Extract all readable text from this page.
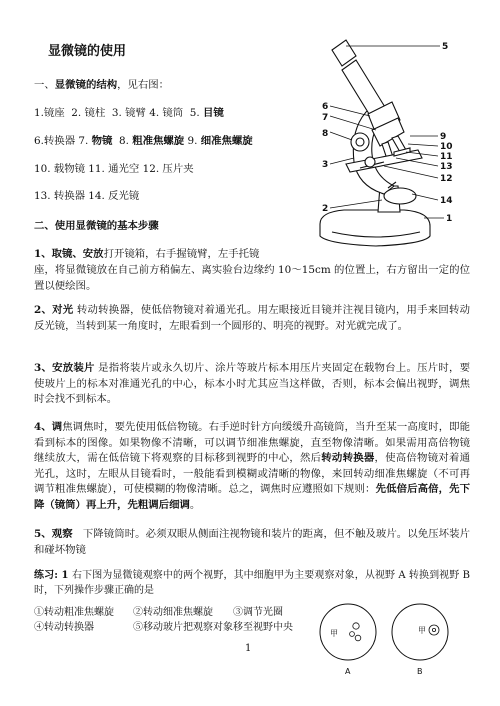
显微镜的使用
一、显微镜的结构，见右图：
1.镜座  2. 镜柱  3. 镜臂 4. 镜筒  5. 目镜
6.转换器 7. 物镜  8. 粗准焦螺旋 9. 细准焦螺旋
10. 载物镜 11. 通光空 12. 压片夹
13. 转换器 14. 反光镜
二、使用显微镜的基本步骤
1、取镜、安放打开镜箱，右手握镜臂，左手托镜
座，将显微镜放在自己前方稍偏左、离实验台边缘约 10～15cm 的位置上，右方留出一定的位置以便绘图。
2、对光 转动转换器，使低倍物镜对着通光孔。用左眼接近目镜并注视目镜内，用手来回转动反光镜，当转到某一角度时，左眼看到一个圆形的、明亮的视野。对光就完成了。
3、安放装片 是指将装片或永久切片、涂片等玻片标本用压片夹固定在载物台上。压片时，要使玻片上的标本对准通光孔的中心，标本小时尤其应当这样做，否则，标本会偏出视野，调焦时会找不到标本。
4、调焦调焦时，要先使用低倍物镜。右手逆时针方向缓缓升高镜筒，当升至某一高度时，即能看到标本的图像。如果物像不清晰，可以调节细准焦螺旋，直至物像清晰。如果需用高倍物镜继续放大，需在低倍镜下将观察的目标移到视野的中心，然后转动转换器，使高倍物镜对着通光孔，这时，左眼从目镜看时，一般能看到模糊或清晰的物像，来回转动细准焦螺旋（不可再调节粗准焦螺旋），可使模糊的物像清晰。总之，调焦时应遵照如下规则：先低倍后高倍，先下降（镜筒）再上升，先粗调后细调。
5、观察   下降镜筒时。必须双眼从侧面注视物镜和装片的距离，但不触及玻片。以免压坏装片和碰坏物镜
练习: 1 右下图为显微镜观察中的两个视野，其中细胞甲为主要观察对象，从视野 A 转换到视野 B 时，下列操作步骤正确的是
①转动粗准焦螺旋 ②转动细准焦螺旋 ③调节光圈
④转动转换器	⑤移动玻片把观察对象移至视野中央
1
5
6
7
8	9
10
11
13
12
14
3
2
1
甲	甲
A	B
